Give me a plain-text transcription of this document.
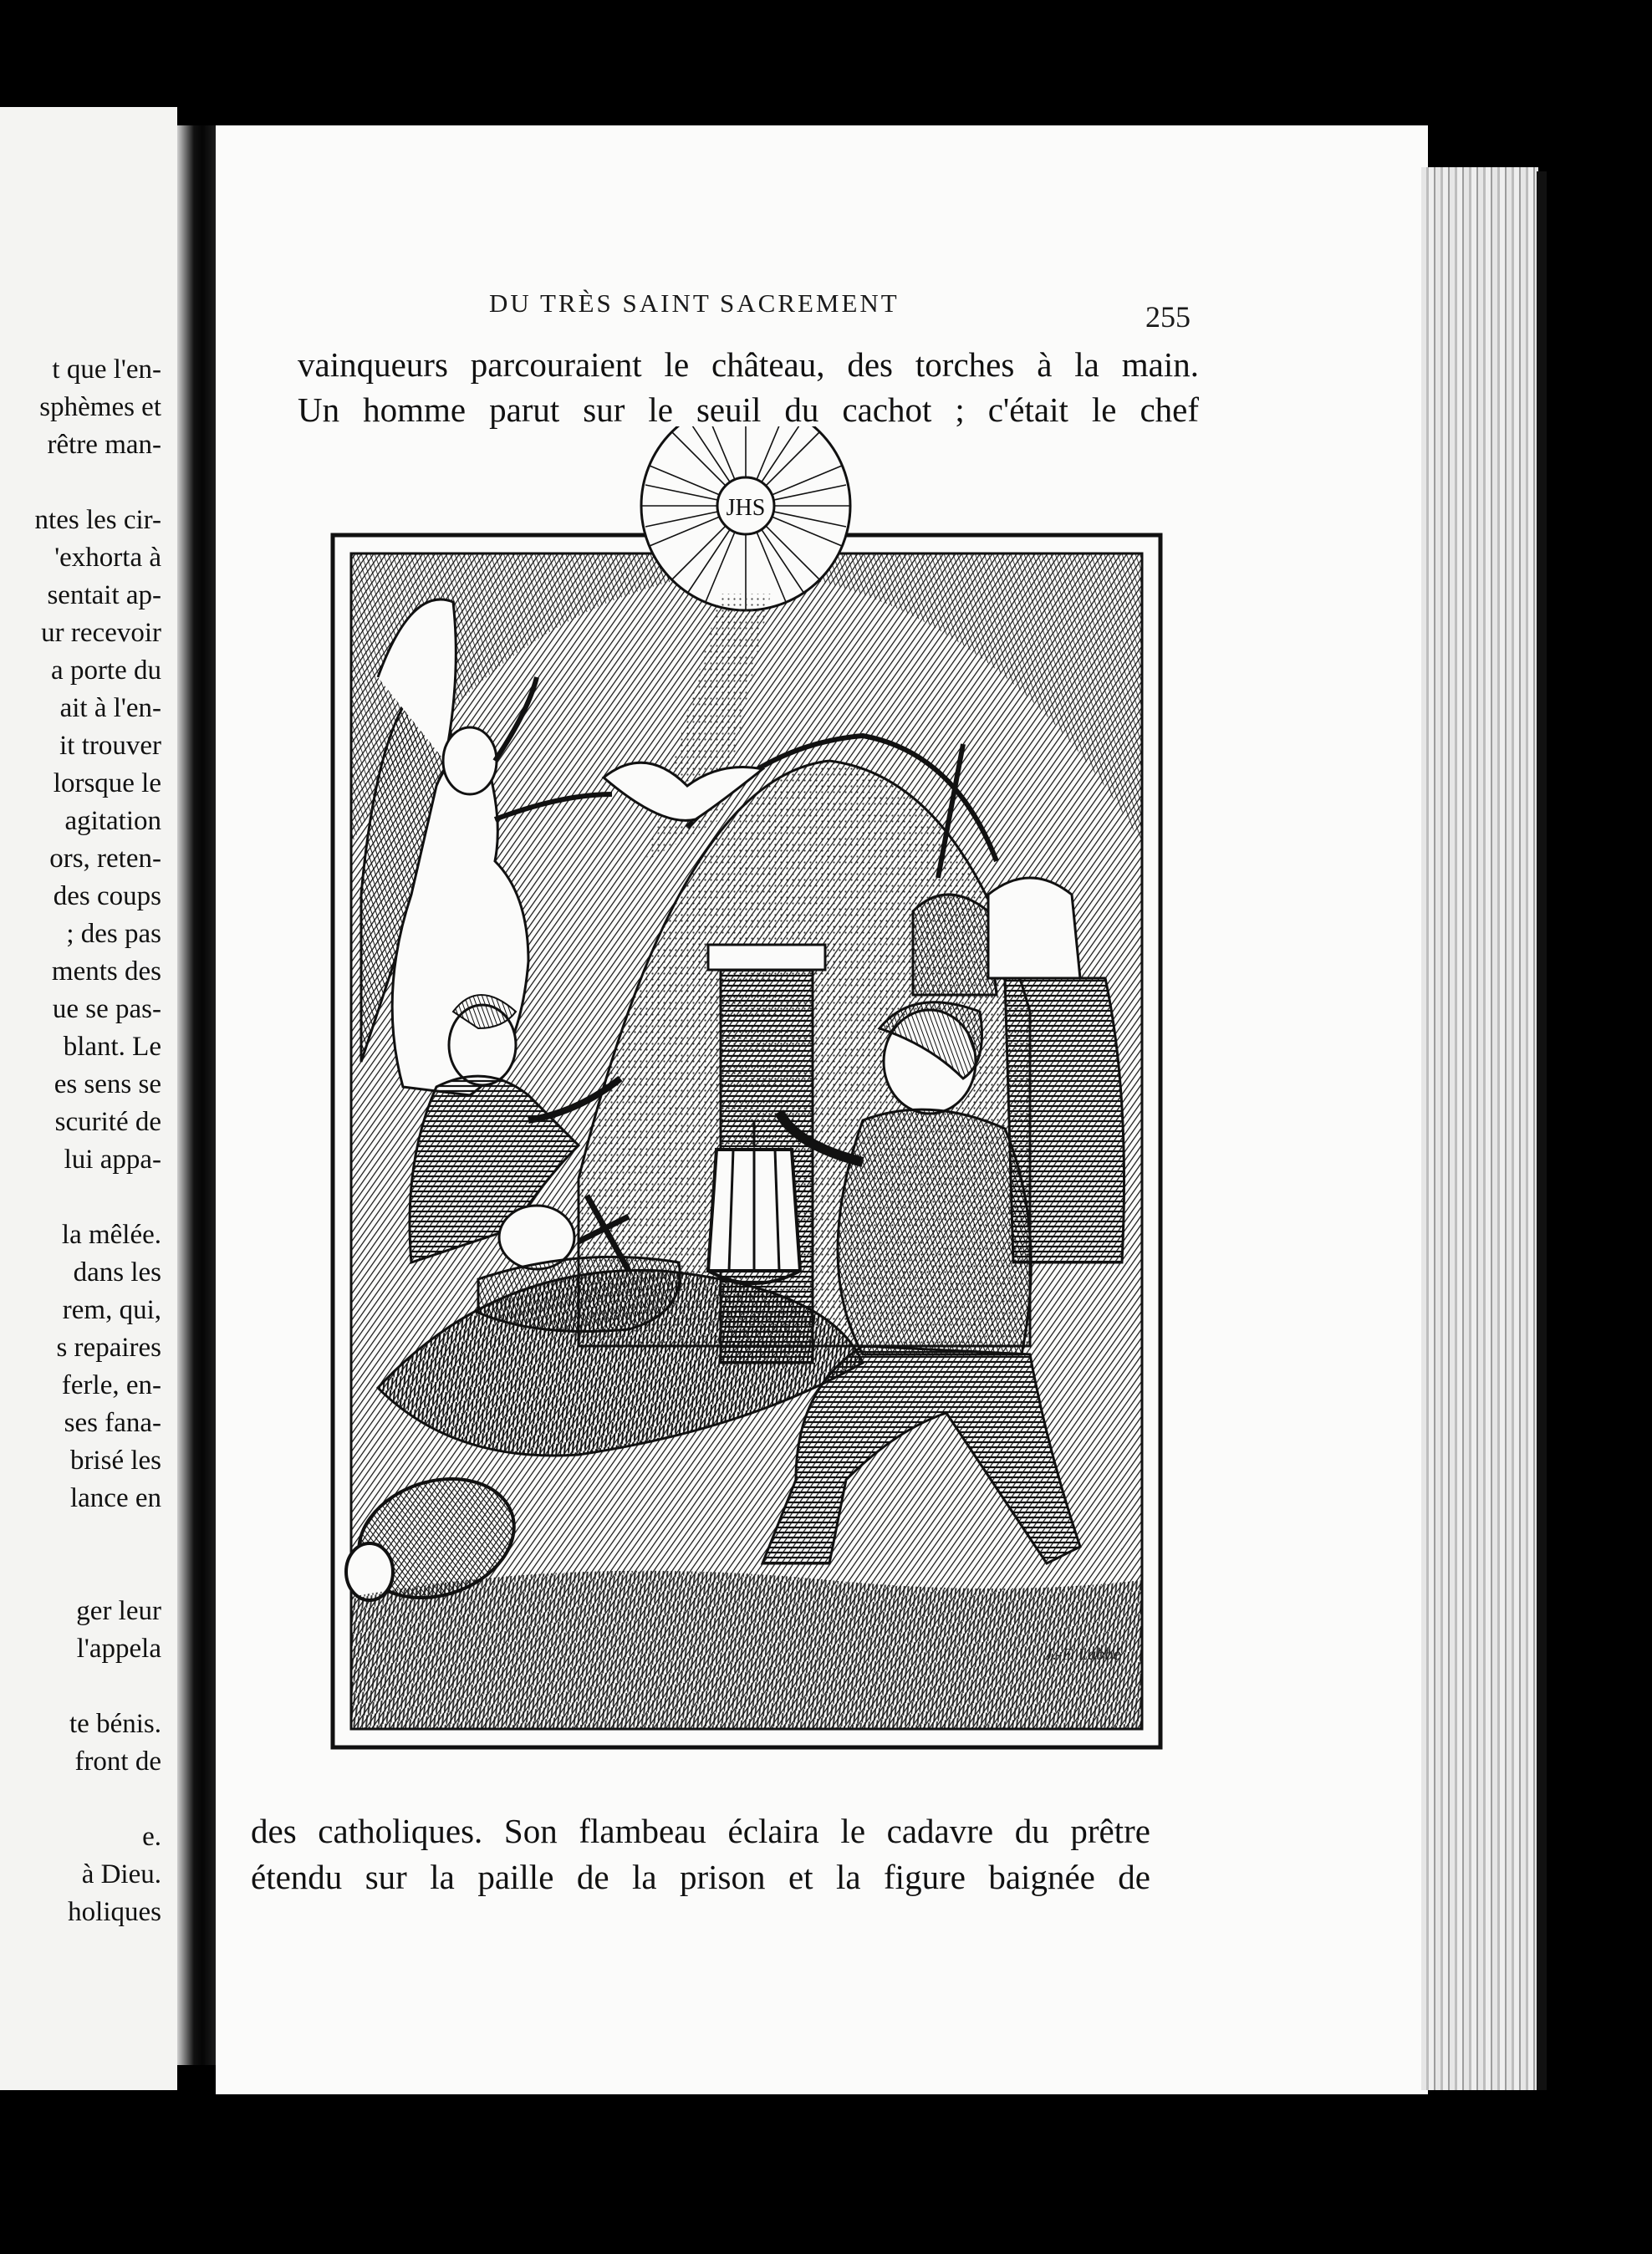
t que l'en-
sphèmes et
rêtre man-
ntes les cir-
'exhorta à
sentait ap-
ur recevoir
a porte du
ait à l'en-
it trouver
lorsque le
agitation
ors, reten-
des coups
; des pas
ments des
ue se pas-
blant. Le
es sens se
scurité de
lui appa-
la mêlée.
dans les
rem, qui,
s repaires
ferle, en-
ses fana-
brisé les
lance en
ger leur
l'appela
te bénis.
front de
e.
à Dieu.
holiques
DU TRÈS SAINT SACREMENT	255
vainqueurs parcouraient le château, des torches à la main.
Un homme parut sur le seuil du cachot ; c'était le chef
JHS
J.-F. Labbé
des catholiques. Son flambeau éclaira le cadavre du prêtre
étendu sur la paille de la prison et la figure baignée de
